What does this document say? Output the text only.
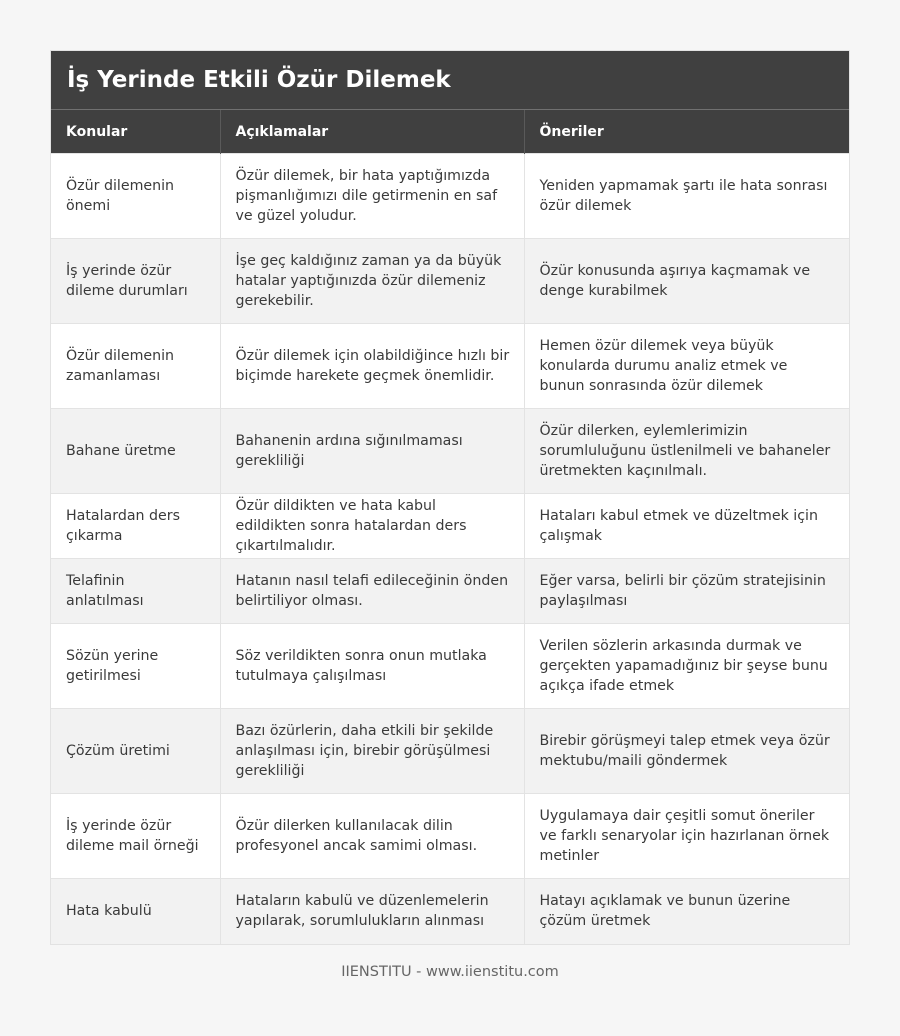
İş Yerinde Etkili Özür Dilemek
Konular	Açıklamalar	Öneriler
Özür dilemenin önemi	Özür dilemek, bir hata yaptığımızda pişmanlığımızı dile getirmenin en saf ve güzel yoludur.	Yeniden yapmamak şartı ile hata sonrası özür dilemek
İş yerinde özür dileme durumları	İşe geç kaldığınız zaman ya da büyük hatalar yaptığınızda özür dilemeniz gerekebilir.	Özür konusunda aşırıya kaçmamak ve denge kurabilmek
Özür dilemenin zamanlaması	Özür dilemek için olabildiğince hızlı bir biçimde harekete geçmek önemlidir.	Hemen özür dilemek veya büyük konularda durumu analiz etmek ve bunun sonrasında özür dilemek
Bahane üretme	Bahanenin ardına sığınılmaması gerekliliği	Özür dilerken, eylemlerimizin sorumluluğunu üstlenilmeli ve bahaneler üretmekten kaçınılmalı.
Hatalardan ders çıkarma	Özür dildikten ve hata kabul edildikten sonra hatalardan ders çıkartılmalıdır.	Hataları kabul etmek ve düzeltmek için çalışmak
Telafinin anlatılması	Hatanın nasıl telafi edileceğinin önden belirtiliyor olması.	Eğer varsa, belirli bir çözüm stratejisinin paylaşılması
Sözün yerine getirilmesi	Söz verildikten sonra onun mutlaka tutulmaya çalışılması	Verilen sözlerin arkasında durmak ve gerçekten yapamadığınız bir şeyse bunu açıkça ifade etmek
Çözüm üretimi	Bazı özürlerin, daha etkili bir şekilde anlaşılması için, birebir görüşülmesi gerekliliği	Birebir görüşmeyi talep etmek veya özür mektubu/maili göndermek
İş yerinde özür dileme mail örneği	Özür dilerken kullanılacak dilin profesyonel ancak samimi olması.	Uygulamaya dair çeşitli somut öneriler ve farklı senaryolar için hazırlanan örnek metinler
Hata kabulü	Hataların kabulü ve düzenlemelerin yapılarak, sorumlulukların alınması	Hatayı açıklamak ve bunun üzerine çözüm üretmek
IIENSTITU - www.iienstitu.com
